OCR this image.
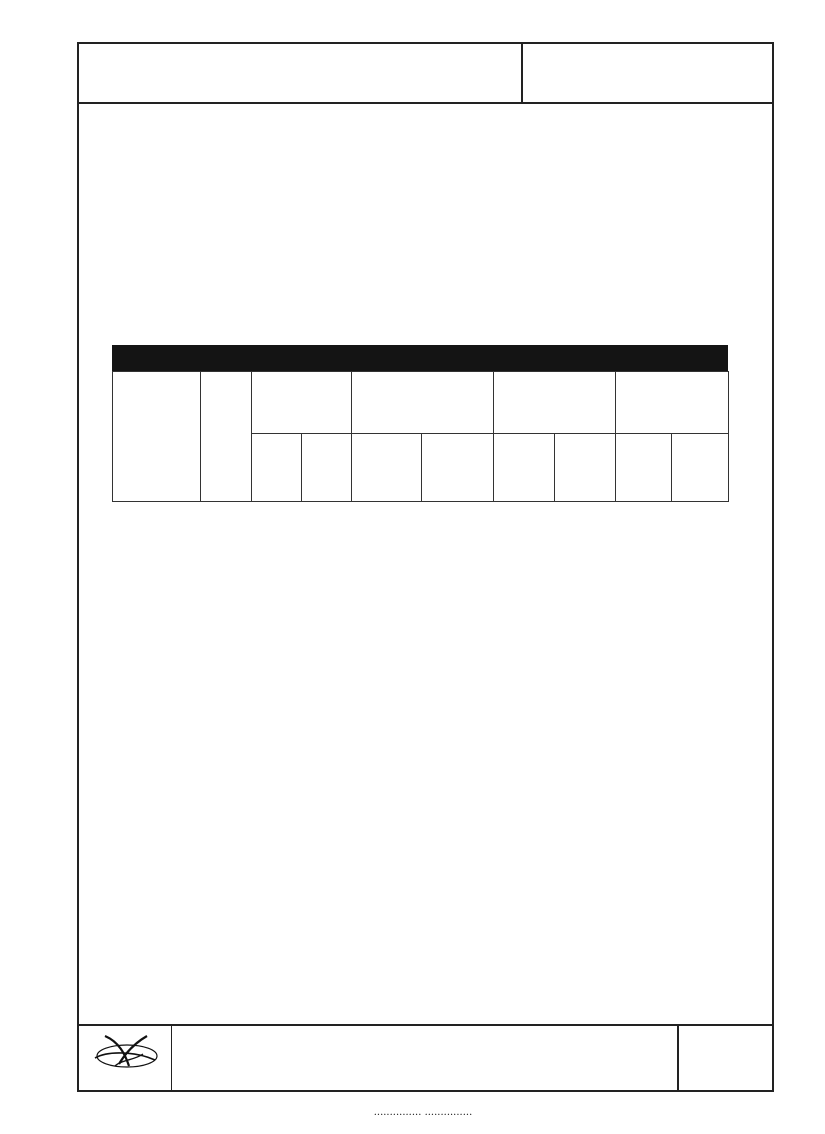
··············· ···············
